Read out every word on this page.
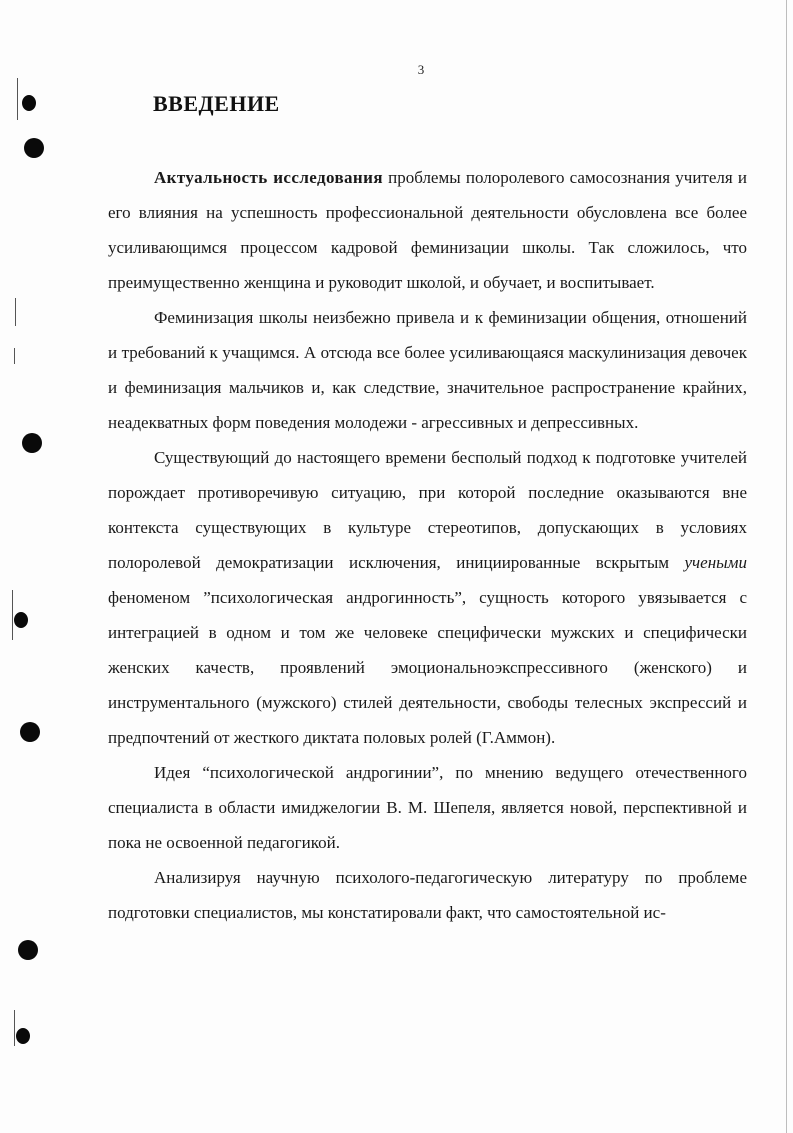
3
ВВЕДЕНИЕ

Актуальность исследования проблемы полоролевого самосознания учителя и его влияния на успешность профессиональной деятельности обусловлена все более усиливающимся процессом кадровой феминизации школы. Так сложилось, что преимущественно женщина и руководит школой, и обучает, и воспитывает.

Феминизация школы неизбежно привела и к феминизации общения, отношений и требований к учащимся. А отсюда все более усиливающаяся маскулинизация девочек и феминизация мальчиков и, как следствие, значительное распространение крайних, неадекватных форм поведения молодежи - агрессивных и депрессивных.

Существующий до настоящего времени бесполый подход к подготовке учителей порождает противоречивую ситуацию, при которой последние оказываются вне контекста существующих в культуре стереотипов, допускающих в условиях полоролевой демократизации исключения, инициированные вскрытым учеными феноменом ”психологическая андрогинность”, сущность которого увязывается с интеграцией в одном и том же человеке специфически мужских и специфически женских качеств, проявлений эмоциональноэкспрессивного (женского) и инструментального (мужского) стилей деятельности, свободы телесных экспрессий и предпочтений от жесткого диктата половых ролей (Г.Аммон).

Идея “психологической андрогинии”, по мнению ведущего отечественного специалиста в области имиджелогии В. М. Шепеля, является новой, перспективной и пока не освоенной педагогикой.

Анализируя научную психолого-педагогическую литературу по проблеме подготовки специалистов, мы констатировали факт, что самостоятельной ис-
